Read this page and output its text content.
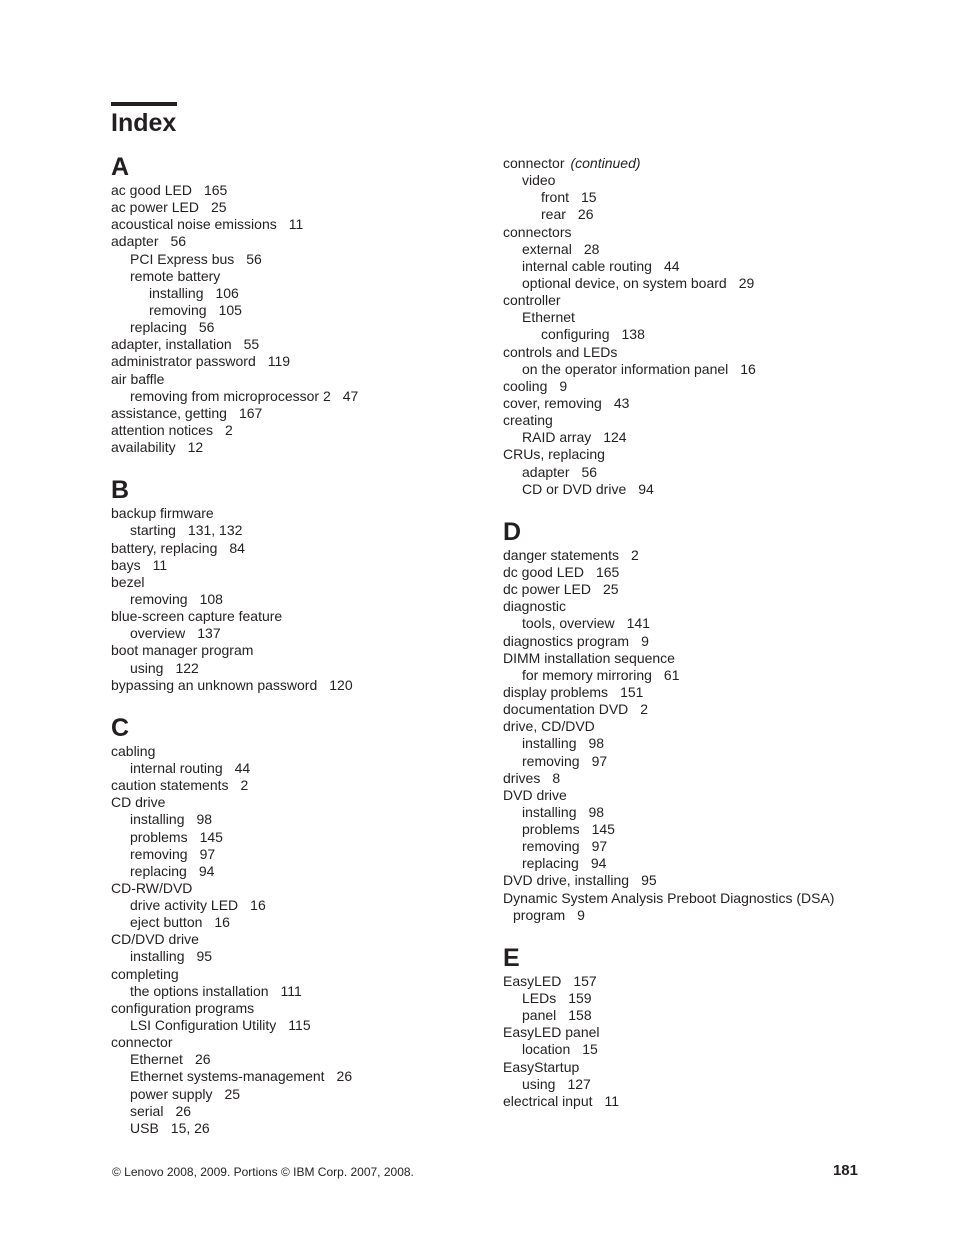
Index
A
ac good LED 165
ac power LED 25
acoustical noise emissions 11
adapter 56
PCI Express bus 56
remote battery
installing 106
removing 105
replacing 56
adapter, installation 55
administrator password 119
air baffle
removing from microprocessor 2 47
assistance, getting 167
attention notices 2
availability 12
B
backup firmware
starting 131, 132
battery, replacing 84
bays 11
bezel
removing 108
blue-screen capture feature
overview 137
boot manager program
using 122
bypassing an unknown password 120
C
cabling
internal routing 44
caution statements 2
CD drive
installing 98
problems 145
removing 97
replacing 94
CD-RW/DVD
drive activity LED 16
eject button 16
CD/DVD drive
installing 95
completing
the options installation 111
configuration programs
LSI Configuration Utility 115
connector
Ethernet 26
Ethernet systems-management 26
power supply 25
serial 26
USB 15, 26
connector (continued)
video
front 15
rear 26
connectors
external 28
internal cable routing 44
optional device, on system board 29
controller
Ethernet
configuring 138
controls and LEDs
on the operator information panel 16
cooling 9
cover, removing 43
creating
RAID array 124
CRUs, replacing
adapter 56
CD or DVD drive 94
D
danger statements 2
dc good LED 165
dc power LED 25
diagnostic
tools, overview 141
diagnostics program 9
DIMM installation sequence
for memory mirroring 61
display problems 151
documentation DVD 2
drive, CD/DVD
installing 98
removing 97
drives 8
DVD drive
installing 98
problems 145
removing 97
replacing 94
DVD drive, installing 95
Dynamic System Analysis Preboot Diagnostics (DSA)
program 9
E
EasyLED 157
LEDs 159
panel 158
EasyLED panel
location 15
EasyStartup
using 127
electrical input 11
© Lenovo 2008, 2009. Portions © IBM Corp. 2007, 2008.	181
